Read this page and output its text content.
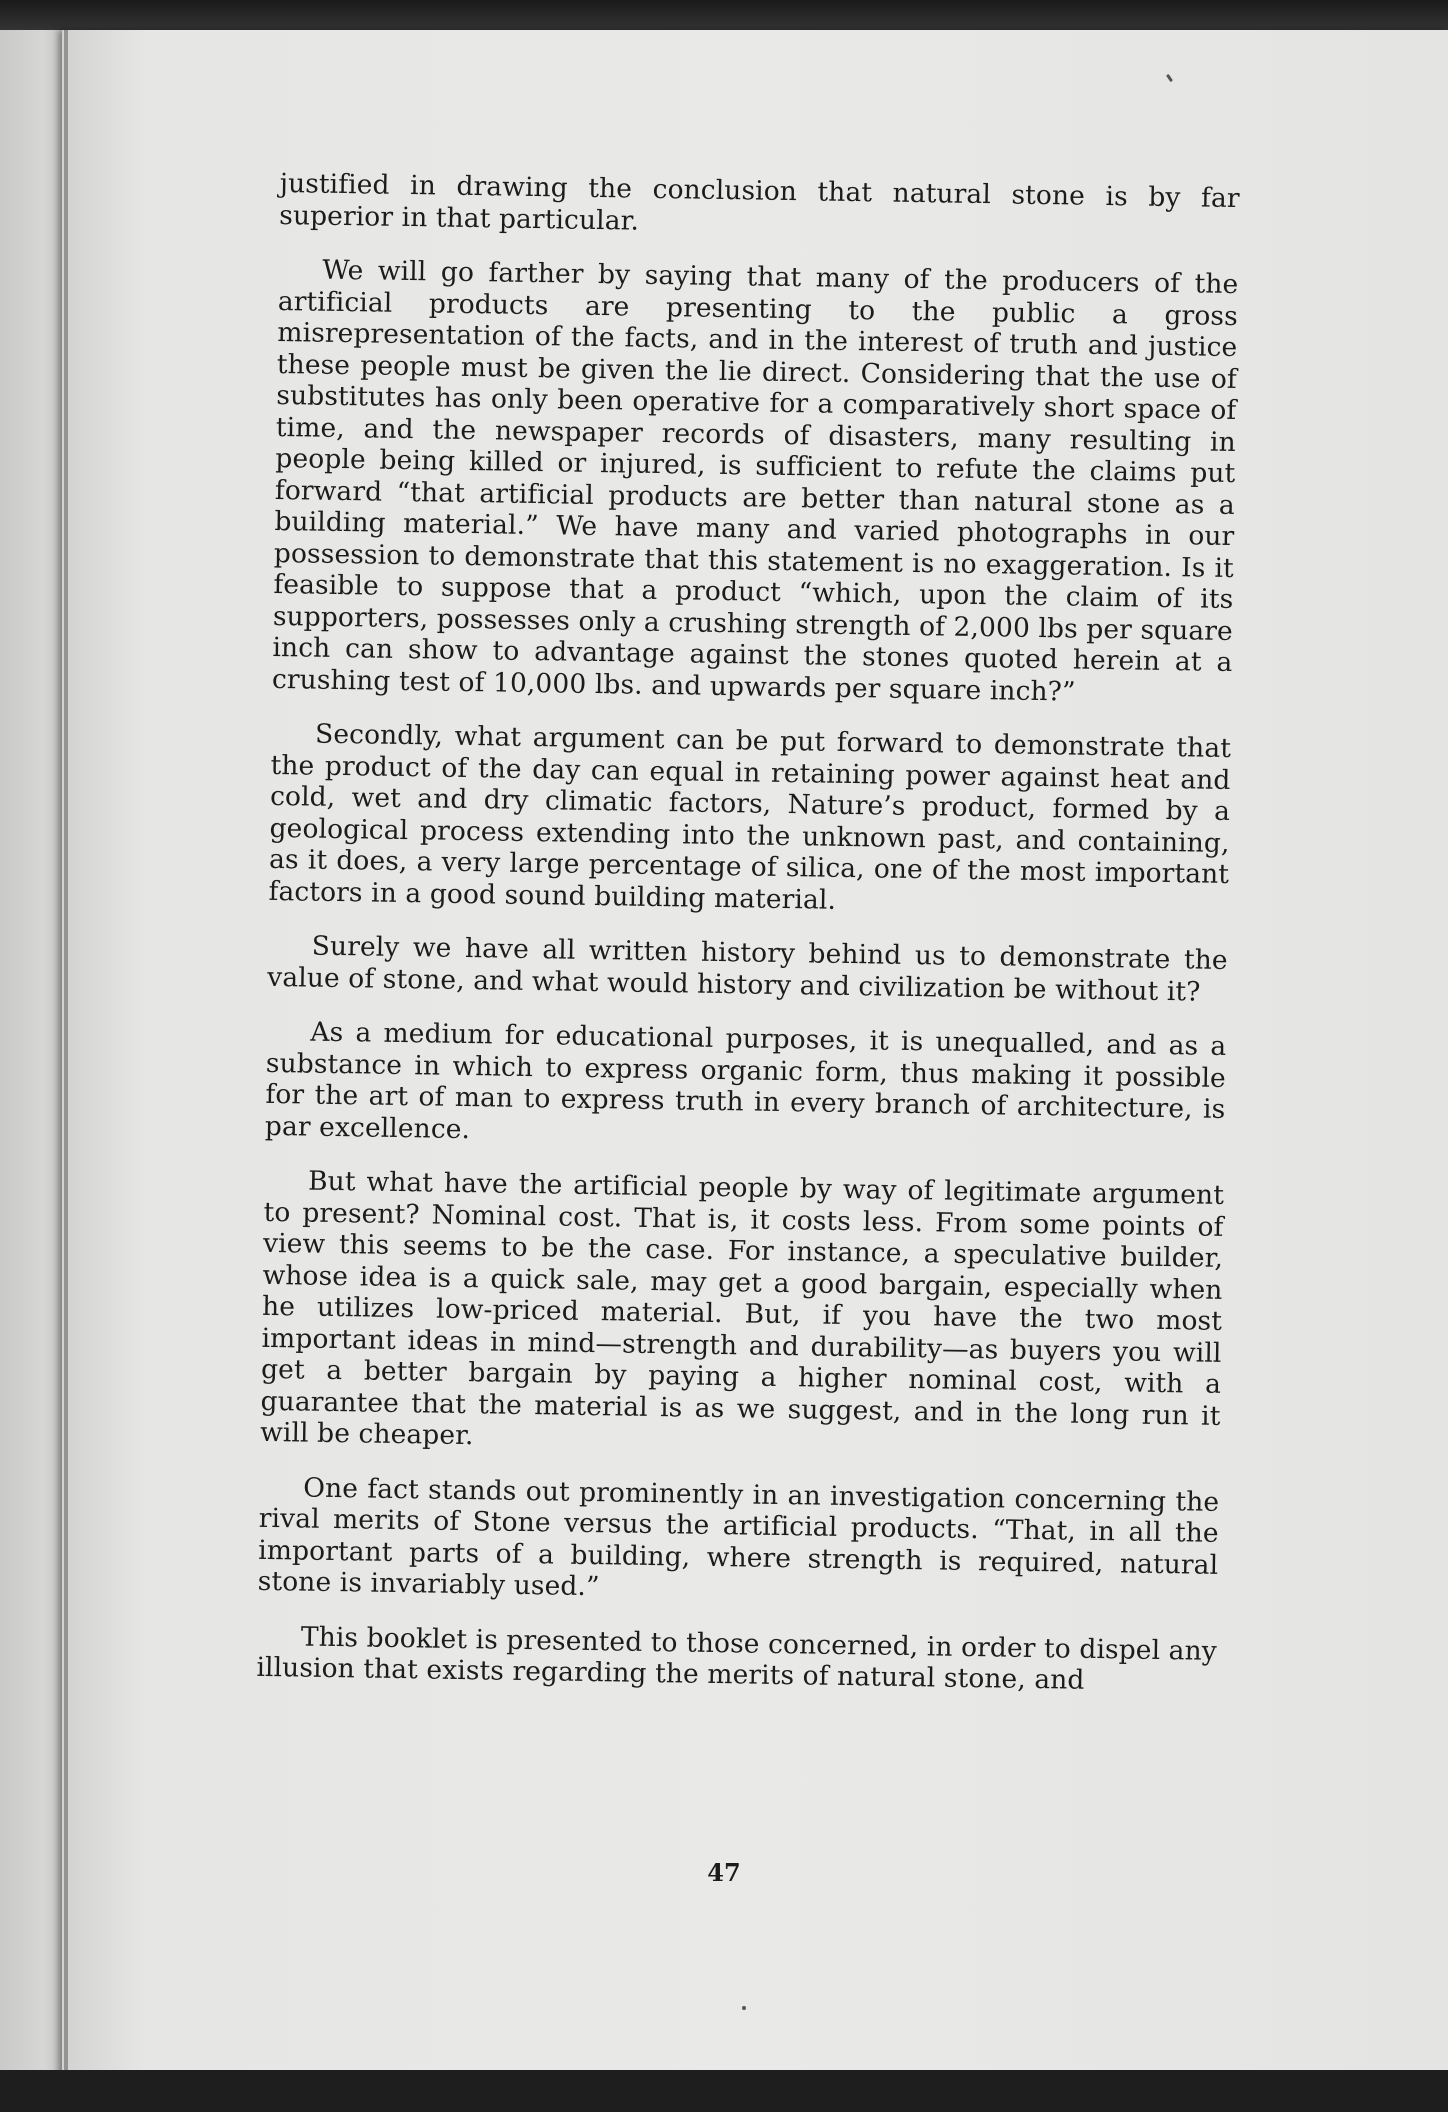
justified in drawing the conclusion that natural stone is by far superior in that particular.

We will go farther by saying that many of the producers of the artificial products are presenting to the public a gross misrepresentation of the facts, and in the interest of truth and justice these people must be given the lie direct. Considering that the use of substitutes has only been operative for a comparatively short space of time, and the newspaper records of disasters, many resulting in people being killed or injured, is sufficient to refute the claims put forward “that artificial products are better than natural stone as a building material.” We have many and varied photographs in our possession to demonstrate that this statement is no exaggeration. Is it feasible to suppose that a product “which, upon the claim of its supporters, possesses only a crushing strength of 2,000 lbs per square inch can show to advantage against the stones quoted herein at a crushing test of 10,000 lbs. and upwards per square inch?”

Secondly, what argument can be put forward to demonstrate that the product of the day can equal in retaining power against heat and cold, wet and dry climatic factors, Nature’s product, formed by a geological process extending into the unknown past, and containing, as it does, a very large percentage of silica, one of the most important factors in a good sound building material.

Surely we have all written history behind us to demonstrate the value of stone, and what would history and civilization be without it?

As a medium for educational purposes, it is unequalled, and as a substance in which to express organic form, thus making it possible for the art of man to express truth in every branch of architecture, is par excellence.

But what have the artificial people by way of legitimate argument to present? Nominal cost. That is, it costs less. From some points of view this seems to be the case. For instance, a speculative builder, whose idea is a quick sale, may get a good bargain, especially when he utilizes low-priced material. But, if you have the two most important ideas in mind—strength and durability—as buyers you will get a better bargain by paying a higher nominal cost, with a guarantee that the material is as we suggest, and in the long run it will be cheaper.

One fact stands out prominently in an investigation concerning the rival merits of Stone versus the artificial products. “That, in all the important parts of a building, where strength is required, natural stone is invariably used.”

This booklet is presented to those concerned, in order to dispel any illusion that exists regarding the merits of natural stone, and

47
